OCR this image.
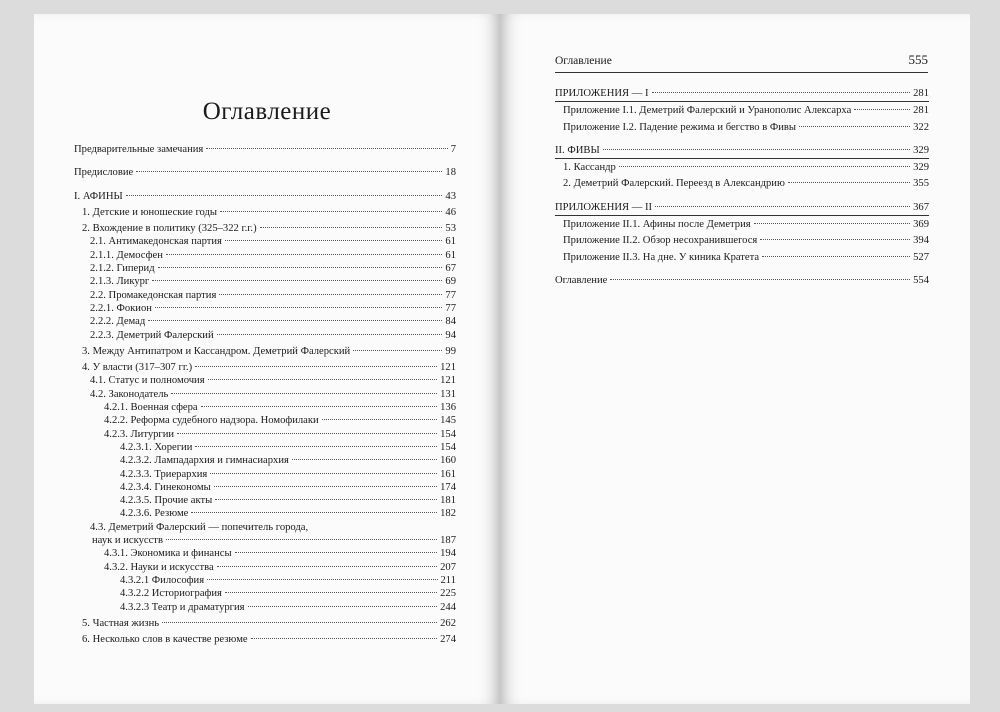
Оглавление
Предварительные замечания	7
Предисловие	18
I. АФИНЫ	43
1. Детские и юношеские годы	46
2. Вхождение в политику (325–322 г.г.)	53
2.1. Антимакедонская партия	61
2.1.1. Демосфен	61
2.1.2. Гиперид	67
2.1.3. Ликург	69
2.2. Промакедонская партия	77
2.2.1. Фокион	77
2.2.2. Демад	84
2.2.3. Деметрий Фалерский	94
3. Между Антипатром и Кассандром. Деметрий Фалерский	99
4. У власти (317–307 гг.)	121
4.1. Статус и полномочия	121
4.2. Законодатель	131
4.2.1. Военная сфера	136
4.2.2. Реформа судебного надзора. Номофилаки	145
4.2.3. Литургии	154
4.2.3.1. Хорегии	154
4.2.3.2. Лампадархия и гимнасиархия	160
4.2.3.3. Триерархия	161
4.2.3.4. Гинекономы	174
4.2.3.5. Прочие акты	181
4.2.3.6. Резюме	182
4.3. Деметрий Фалерский — попечитель города,
наук и искусств	187
4.3.1. Экономика и финансы	194
4.3.2. Науки и искусства	207
4.3.2.1 Философия	211
4.3.2.2 Историография	225
4.3.2.3 Театр и драматургия	244
5. Частная жизнь	262
6. Несколько слов в качестве резюме	274
Оглавление	555
ПРИЛОЖЕНИЯ — I	281
Приложение I.1. Деметрий Фалерский и Уранополис Алексарха	281
Приложение I.2. Падение режима и бегство в Фивы	322
II. ФИВЫ	329
1. Кассандр	329
2. Деметрий Фалерский. Переезд в Александрию	355
ПРИЛОЖЕНИЯ — II	367
Приложение II.1. Афины после Деметрия	369
Приложение II.2. Обзор несохранившегося	394
Приложение II.3. На дне. У киника Кратета	527
Оглавление	554
